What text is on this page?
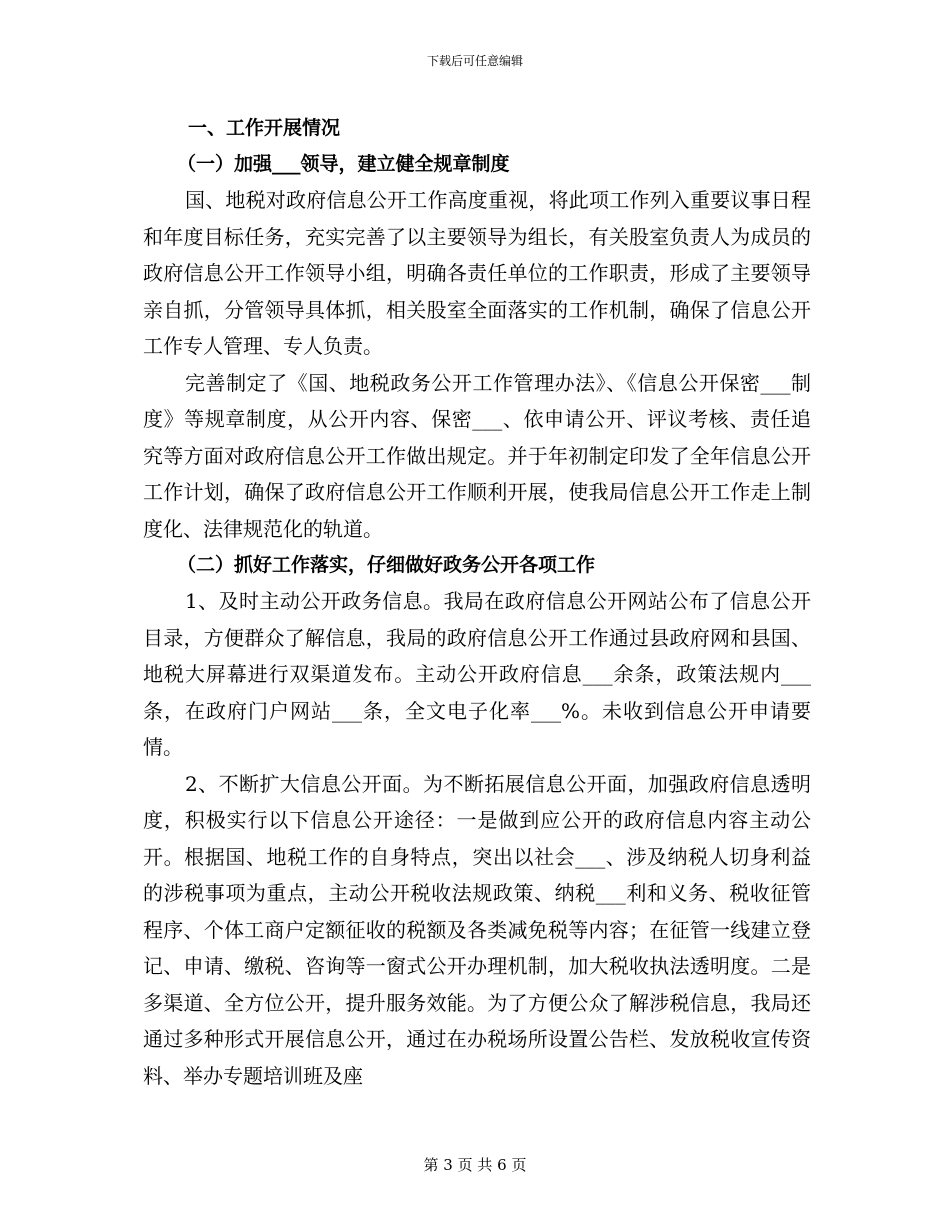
下载后可任意编辑

一、工作开展情况

（一）加强___领导，建立健全规章制度

国、地税对政府信息公开工作高度重视，将此项工作列入重要议事日程和年度目标任务，充实完善了以主要领导为组长，有关股室负责人为成员的政府信息公开工作领导小组，明确各责任单位的工作职责，形成了主要领导亲自抓，分管领导具体抓，相关股室全面落实的工作机制，确保了信息公开工作专人管理、专人负责。

完善制定了《国、地税政务公开工作管理办法》、《信息公开保密___制度》等规章制度，从公开内容、保密___、依申请公开、评议考核、责任追究等方面对政府信息公开工作做出规定。并于年初制定印发了全年信息公开工作计划，确保了政府信息公开工作顺利开展，使我局信息公开工作走上制度化、法律规范化的轨道。

（二）抓好工作落实，仔细做好政务公开各项工作

1、及时主动公开政务信息。我局在政府信息公开网站公布了信息公开目录，方便群众了解信息，我局的政府信息公开工作通过县政府网和县国、地税大屏幕进行双渠道发布。主动公开政府信息___余条，政策法规内___条，在政府门户网站___条，全文电子化率___%。未收到信息公开申请要情。

2、不断扩大信息公开面。为不断拓展信息公开面，加强政府信息透明度，积极实行以下信息公开途径：一是做到应公开的政府信息内容主动公开。根据国、地税工作的自身特点，突出以社会___、涉及纳税人切身利益的涉税事项为重点，主动公开税收法规政策、纳税___利和义务、税收征管程序、个体工商户定额征收的税额及各类减免税等内容；在征管一线建立登记、申请、缴税、咨询等一窗式公开办理机制，加大税收执法透明度。二是多渠道、全方位公开，提升服务效能。为了方便公众了解涉税信息，我局还通过多种形式开展信息公开，通过在办税场所设置公告栏、发放税收宣传资料、举办专题培训班及座

第 3 页 共 6 页
